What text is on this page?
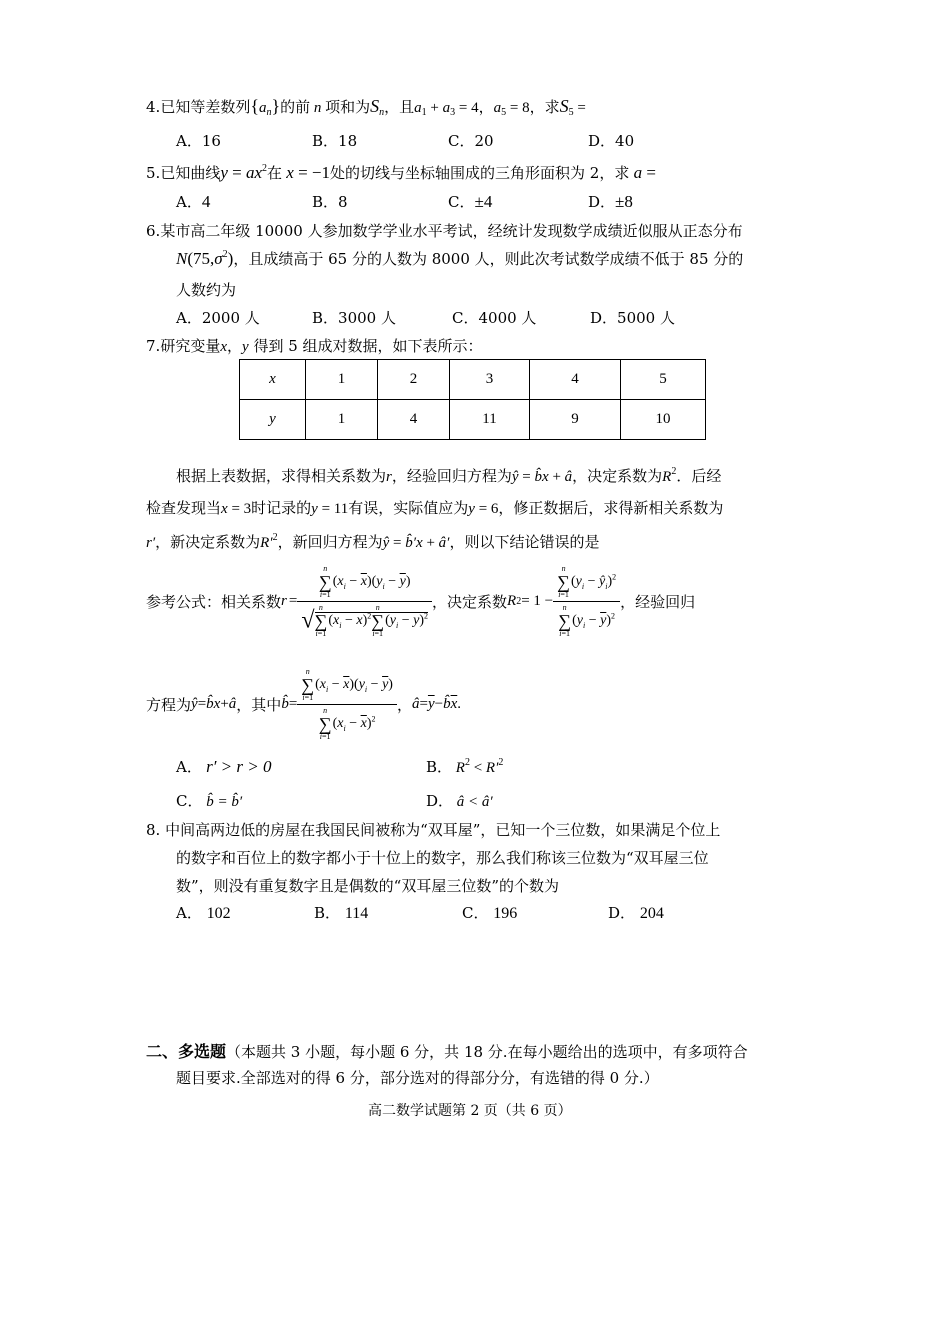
4.已知等差数列$\{a_n\}$的前 n 项和为$S_n$，且$a_1 + a_3 = 4$，$a_5 = 8$，求$S_5$ =
A．16	B．18	C．20	D．40
5.已知曲线$y = ax^2$在 x = −1处的切线与坐标轴围成的三角形面积为 2，求 a =
A．4	B．8	C．±4	D．±8
6.某市高二年级 10000 人参加数学学业水平考试，经统计发现数学成绩近似服从正态分布
$N(75,\sigma^2)$，且成绩高于 65 分的人数为 8000 人，则此次考试数学成绩不低于 85 分的
人数约为
A．2000 人	B．3000 人	C．4000 人	D．5000 人
7.研究变量x，y 得到 5 组成对数据，如下表所示：
x	1	2	3	4	5
y	1	4	11	9	10
根据上表数据，求得相关系数为r，经验回归方程为ŷ = b̂x + â，决定系数为$R^2$．后经
检查发现当x = 3时记录的y = 11有误，实际值应为y = 6，修正数据后，求得新相关系数为
r′，新决定系数为$R'^2$，新回归方程为ŷ = b̂′x + â′，则以下结论错误的是
参考公式：相关系数 r = n
∑
i=1
$(x_i - \overline{x})(y_i - \overline{y})$
√ n
∑
i=1
$(x_i - \overline{x})^2$
n
∑
i=1
$(y_i - \overline{y})^2$ ，决定系数 R 2 = 1 − n
∑
i=1
($y_i$ − $ŷ_i)^2$
n
∑
i=1
$(y_i - \overline{y})^2$ ，经验回归
方程为 ŷ = b̂x + â ，其中 b̂ = n
∑
i=1
$(x_i - \overline{x})(y_i - \overline{y})$
n
∑
i=1
$(x_i - \overline{x})^2$ ， â = $\overline{y}$ − b̂ $\overline{x}$ .
A． r′ > r > 0	B． $R^2 < R'^2$
C． b̂ = b̂′	D． â < â′
8. 中间高两边低的房屋在我国民间被称为“双耳屋”，已知一个三位数，如果满足个位上
的数字和百位上的数字都小于十位上的数字，那么我们称该三位数为“双耳屋三位
数”，则没有重复数字且是偶数的“双耳屋三位数”的个数为
A． 102	B． 114	C． 196	D． 204
二、多选题（本题共 3 小题，每小题 6 分，共 18 分.在每小题给出的选项中，有多项符合
题目要求.全部选对的得 6 分，部分选对的得部分分，有选错的得 0 分.）
高二数学试题第 2 页（共 6 页）
